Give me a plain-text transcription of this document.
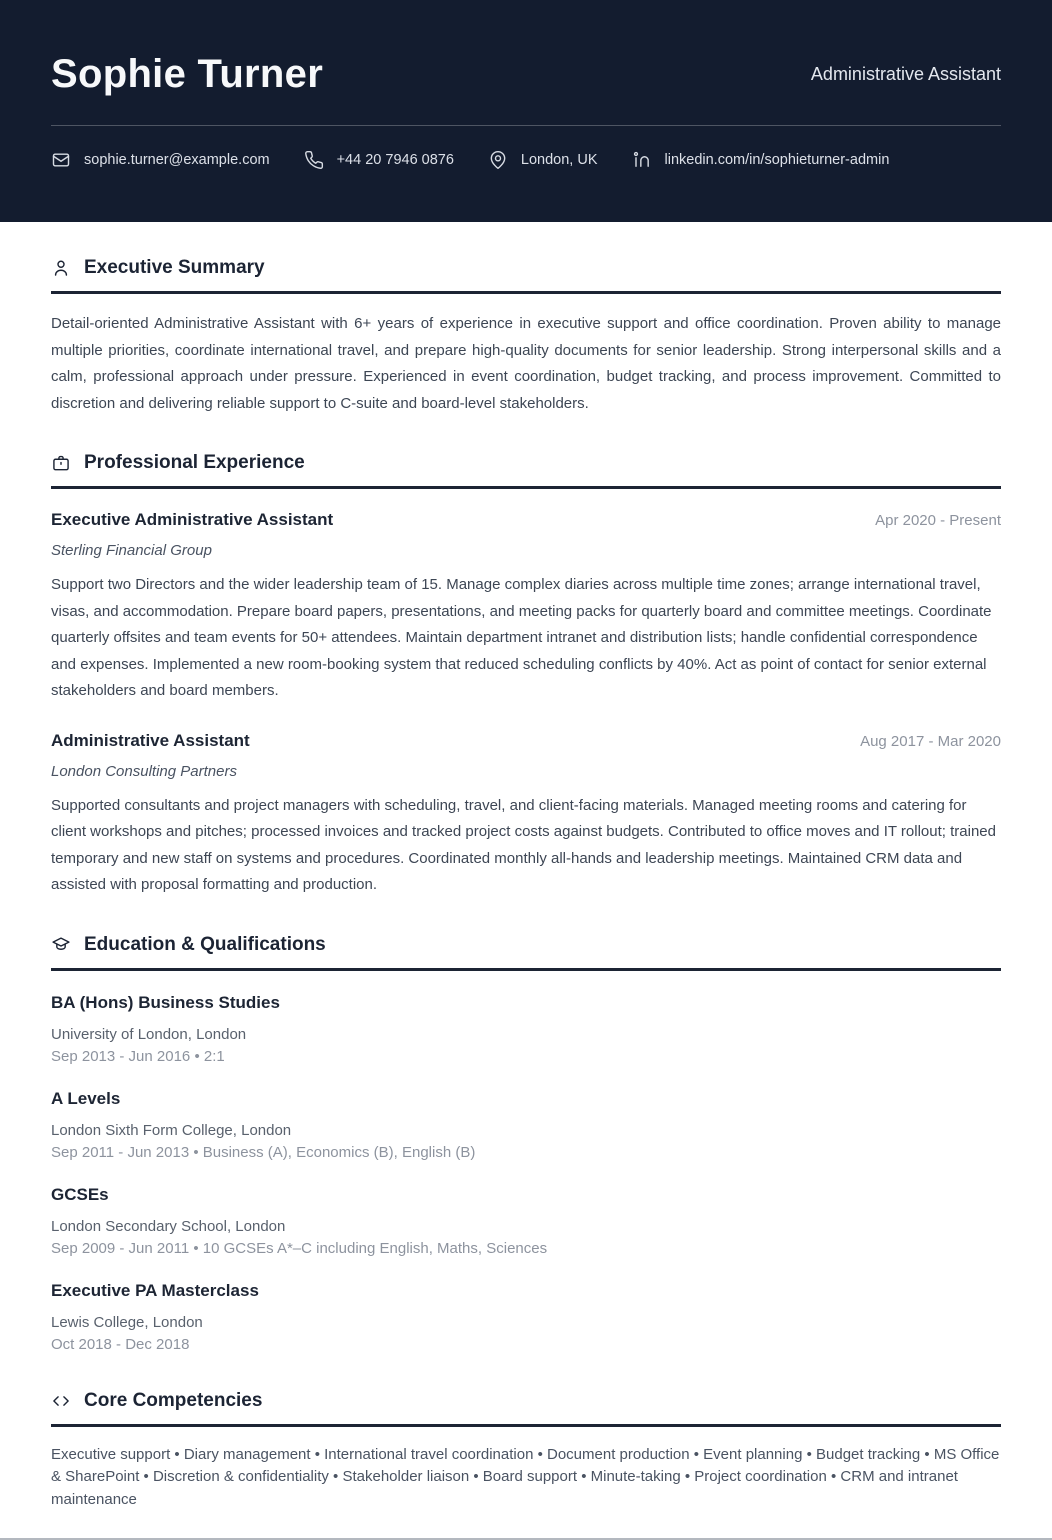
Sophie Turner	Administrative Assistant
sophie.turner@example.com	+44 20 7946 0876	London, UK	linkedin.com/in/sophieturner-admin
Executive Summary

Detail-oriented Administrative Assistant with 6+ years of experience in executive support and office coordination. Proven ability to manage multiple priorities, coordinate international travel, and prepare high-quality documents for senior leadership. Strong interpersonal skills and a calm, professional approach under pressure. Experienced in event coordination, budget tracking, and process improvement. Committed to discretion and delivering reliable support to C-suite and board-level stakeholders.

Professional Experience
Executive Administrative Assistant	Apr 2020 - Present
Sterling Financial Group

Support two Directors and the wider leadership team of 15. Manage complex diaries across multiple time zones; arrange international travel, visas, and accommodation. Prepare board papers, presentations, and meeting packs for quarterly board and committee meetings. Coordinate quarterly offsites and team events for 50+ attendees. Maintain department intranet and distribution lists; handle confidential correspondence and expenses. Implemented a new room-booking system that reduced scheduling conflicts by 40%. Act as point of contact for senior external stakeholders and board members.

Administrative Assistant	Aug 2017 - Mar 2020
London Consulting Partners

Supported consultants and project managers with scheduling, travel, and client-facing materials. Managed meeting rooms and catering for client workshops and pitches; processed invoices and tracked project costs against budgets. Contributed to office moves and IT rollout; trained temporary and new staff on systems and procedures. Coordinated monthly all-hands and leadership meetings. Maintained CRM data and assisted with proposal formatting and production.

Education & Qualifications
BA (Hons) Business Studies
University of London, London
Sep 2013 - Jun 2016 • 2:1
A Levels
London Sixth Form College, London
Sep 2011 - Jun 2013 • Business (A), Economics (B), English (B)
GCSEs
London Secondary School, London
Sep 2009 - Jun 2011 • 10 GCSEs A*–C including English, Maths, Sciences
Executive PA Masterclass
Lewis College, London
Oct 2018 - Dec 2018
Core Competencies

Executive support • Diary management • International travel coordination • Document production • Event planning • Budget tracking • MS Office & SharePoint • Discretion & confidentiality • Stakeholder liaison • Board support • Minute-taking • Project coordination • CRM and intranet maintenance
